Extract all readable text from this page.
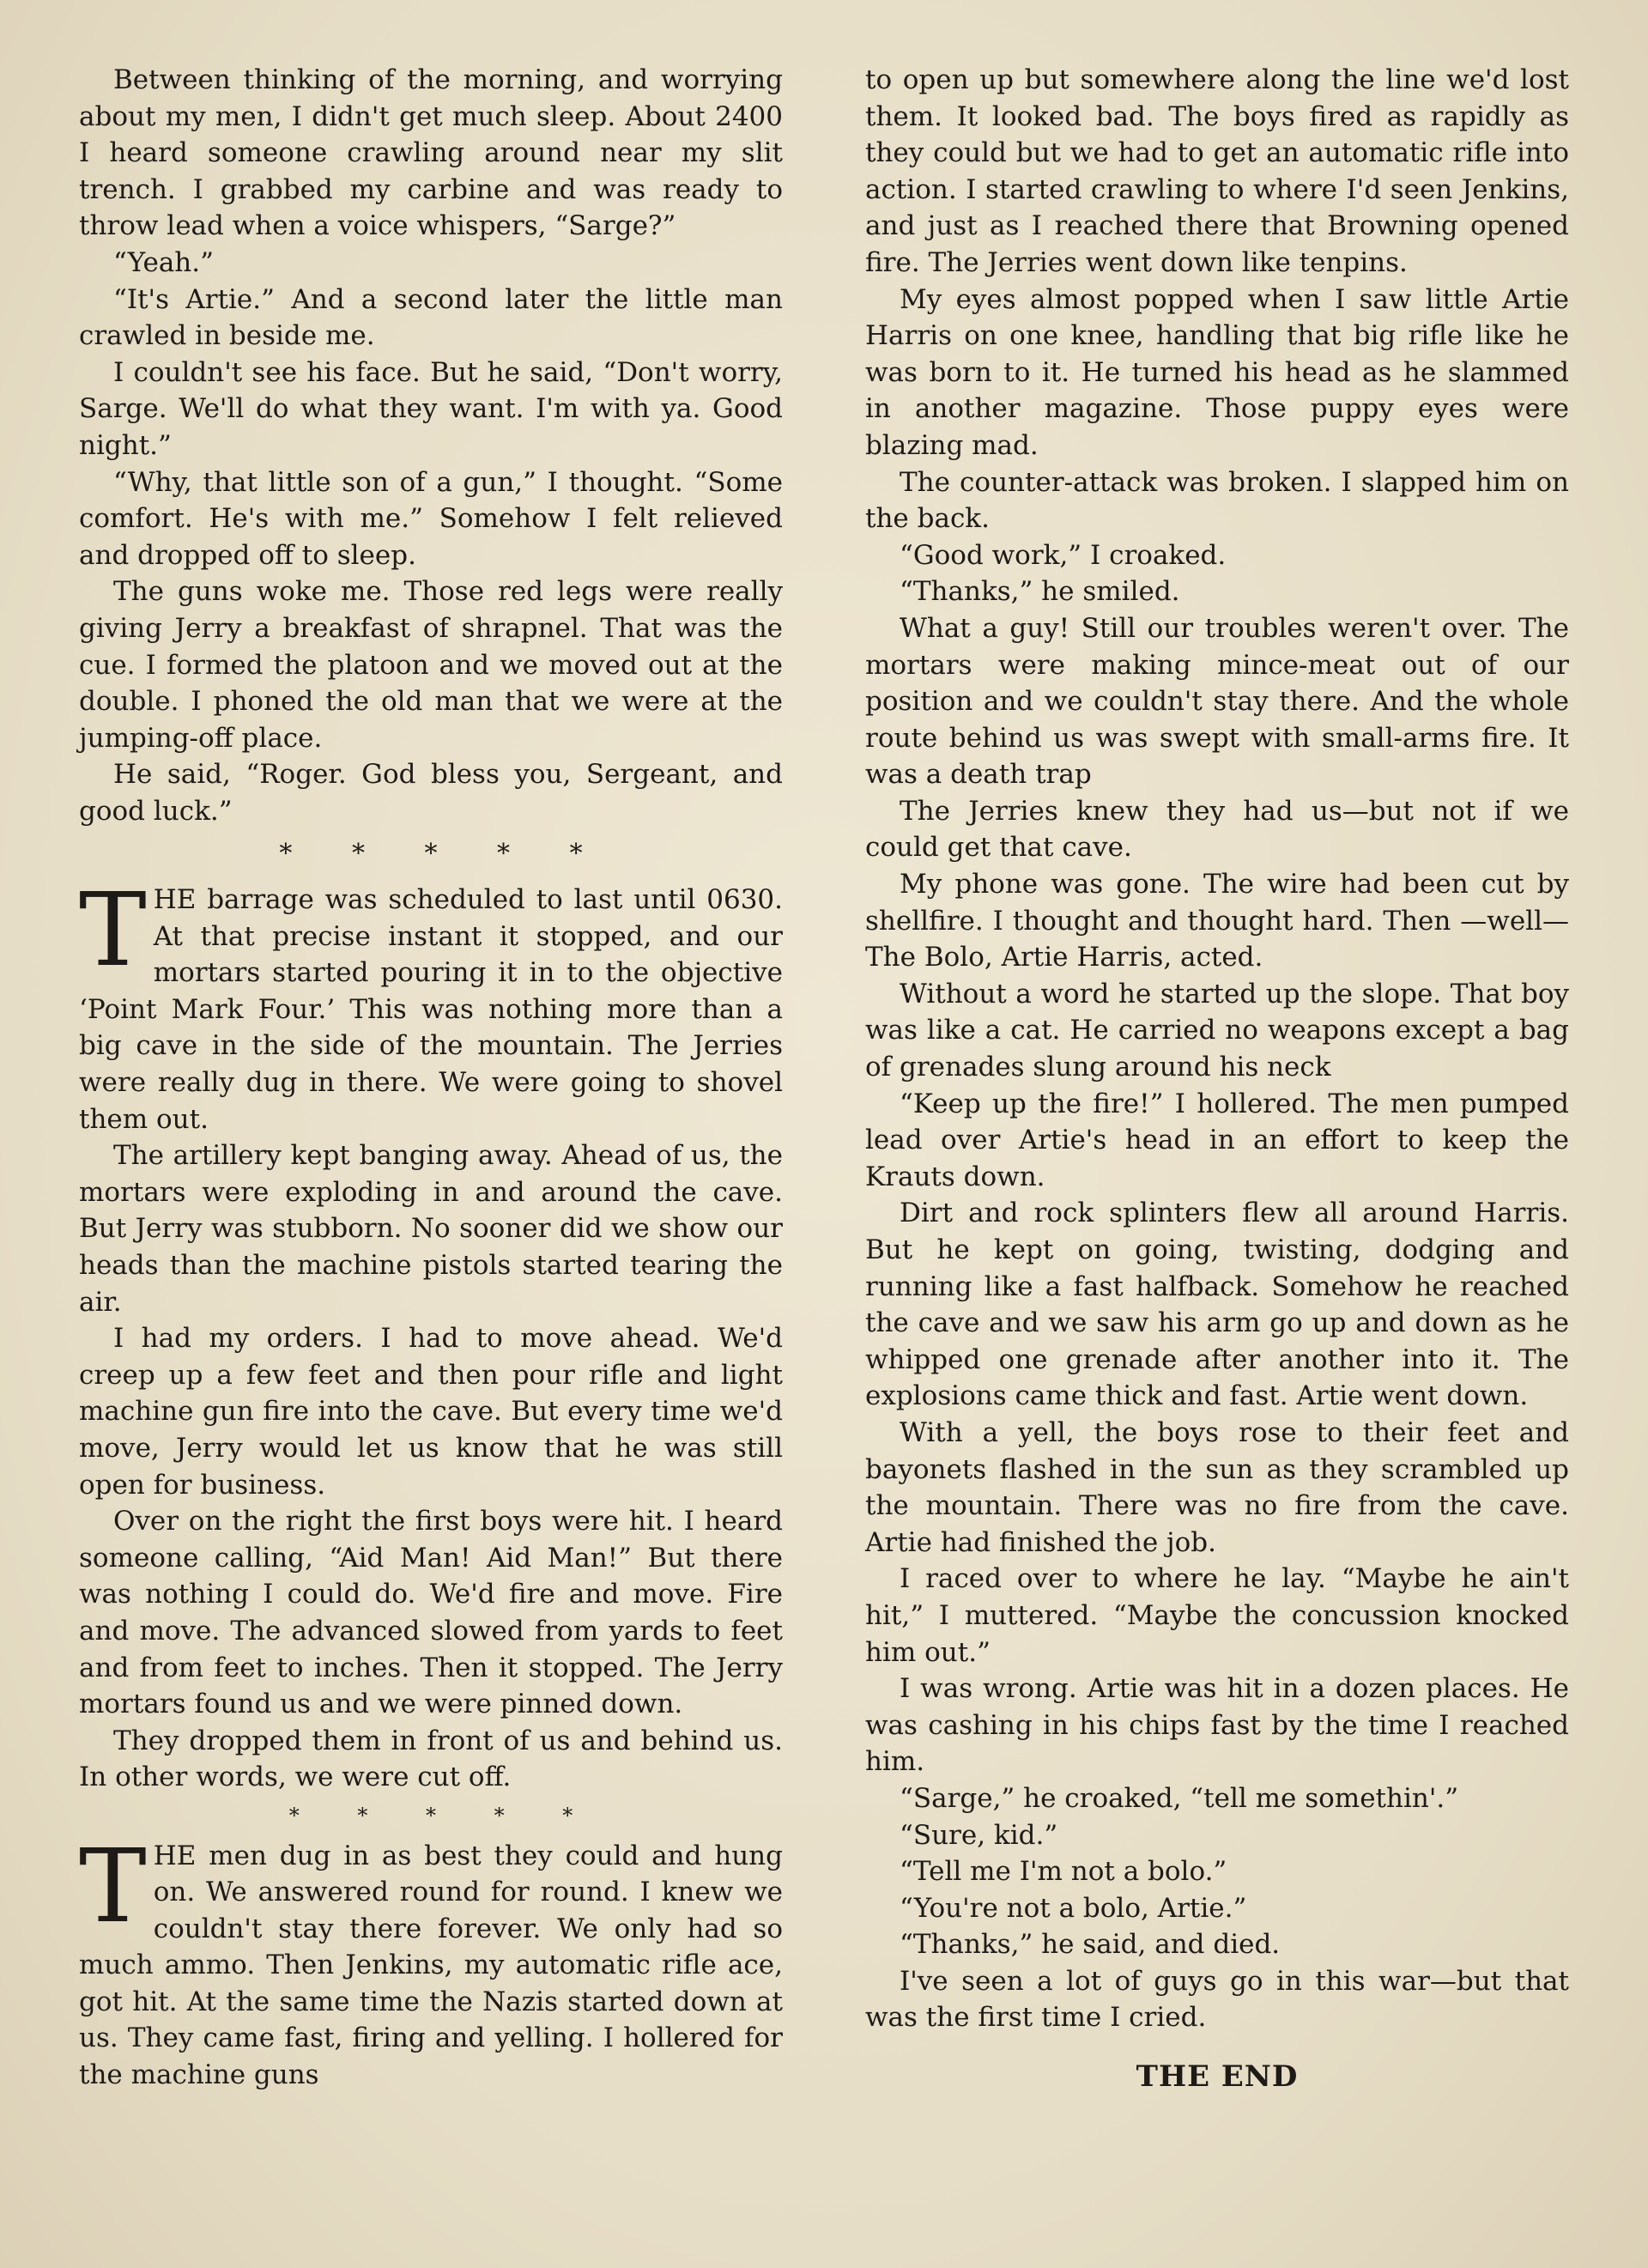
Between thinking of the morning, and worrying about my men, I didn't get much sleep. About 2400 I heard someone crawling around near my slit trench. I grabbed my carbine and was ready to throw lead when a voice whispers, “Sarge?”

“Yeah.”

“It's Artie.” And a second later the little man crawled in beside me.

I couldn't see his face. But he said, “Don't worry, Sarge. We'll do what they want. I'm with ya. Good night.”

“Why, that little son of a gun,” I thought. “Some comfort. He's with me.” Somehow I felt relieved and dropped off to sleep.

The guns woke me. Those red legs were really giving Jerry a breakfast of shrapnel. That was the cue. I formed the platoon and we moved out at the double. I phoned the old man that we were at the jumping-off place.

He said, “Roger. God bless you, Sergeant, and good luck.”

* * * * *

THE barrage was scheduled to last until 0630. At that precise instant it stopped, and our mortars started pouring it in to the objective ‘Point Mark Four.’ This was nothing more than a big cave in the side of the mountain. The Jerries were really dug in there. We were going to shovel them out.

The artillery kept banging away. Ahead of us, the mortars were exploding in and around the cave. But Jerry was stubborn. No sooner did we show our heads than the machine pistols started tearing the air.

I had my orders. I had to move ahead. We'd creep up a few feet and then pour rifle and light machine gun fire into the cave. But every time we'd move, Jerry would let us know that he was still open for business.

Over on the right the first boys were hit. I heard someone calling, “Aid Man! Aid Man!” But there was nothing I could do. We'd fire and move. Fire and move. The advanced slowed from yards to feet and from feet to inches. Then it stopped. The Jerry mortars found us and we were pinned down.

They dropped them in front of us and behind us. In other words, we were cut off.

* * * * *

THE men dug in as best they could and hung on. We answered round for round. I knew we couldn't stay there forever. We only had so much ammo. Then Jenkins, my automatic rifle ace, got hit. At the same time the Nazis started down at us. They came fast, firing and yelling. I hollered for the machine guns

to open up but somewhere along the line we'd lost them. It looked bad. The boys fired as rapidly as they could but we had to get an automatic rifle into action. I started crawling to where I'd seen Jenkins, and just as I reached there that Browning opened fire. The Jerries went down like tenpins.

My eyes almost popped when I saw little Artie Harris on one knee, handling that big rifle like he was born to it. He turned his head as he slammed in another magazine. Those puppy eyes were blazing mad.

The counter-attack was broken. I slapped him on the back.

“Good work,” I croaked.

“Thanks,” he smiled.

What a guy! Still our troubles weren't over. The mortars were making mince-meat out of our position and we couldn't stay there. And the whole route behind us was swept with small-arms fire. It was a death trap

The Jerries knew they had us—but not if we could get that cave.

My phone was gone. The wire had been cut by shellfire. I thought and thought hard. Then —well— The Bolo, Artie Harris, acted.

Without a word he started up the slope. That boy was like a cat. He carried no weapons except a bag of grenades slung around his neck

“Keep up the fire!” I hollered. The men pumped lead over Artie's head in an effort to keep the Krauts down.

Dirt and rock splinters flew all around Harris. But he kept on going, twisting, dodging and running like a fast halfback. Somehow he reached the cave and we saw his arm go up and down as he whipped one grenade after another into it. The explosions came thick and fast. Artie went down.

With a yell, the boys rose to their feet and bayonets flashed in the sun as they scrambled up the mountain. There was no fire from the cave. Artie had finished the job.

I raced over to where he lay. “Maybe he ain't hit,” I muttered. “Maybe the concussion knocked him out.”

I was wrong. Artie was hit in a dozen places. He was cashing in his chips fast by the time I reached him.

“Sarge,” he croaked, “tell me somethin'.”

“Sure, kid.”

“Tell me I'm not a bolo.”

“You're not a bolo, Artie.”

“Thanks,” he said, and died.

I've seen a lot of guys go in this war—but that was the first time I cried.

THE END
